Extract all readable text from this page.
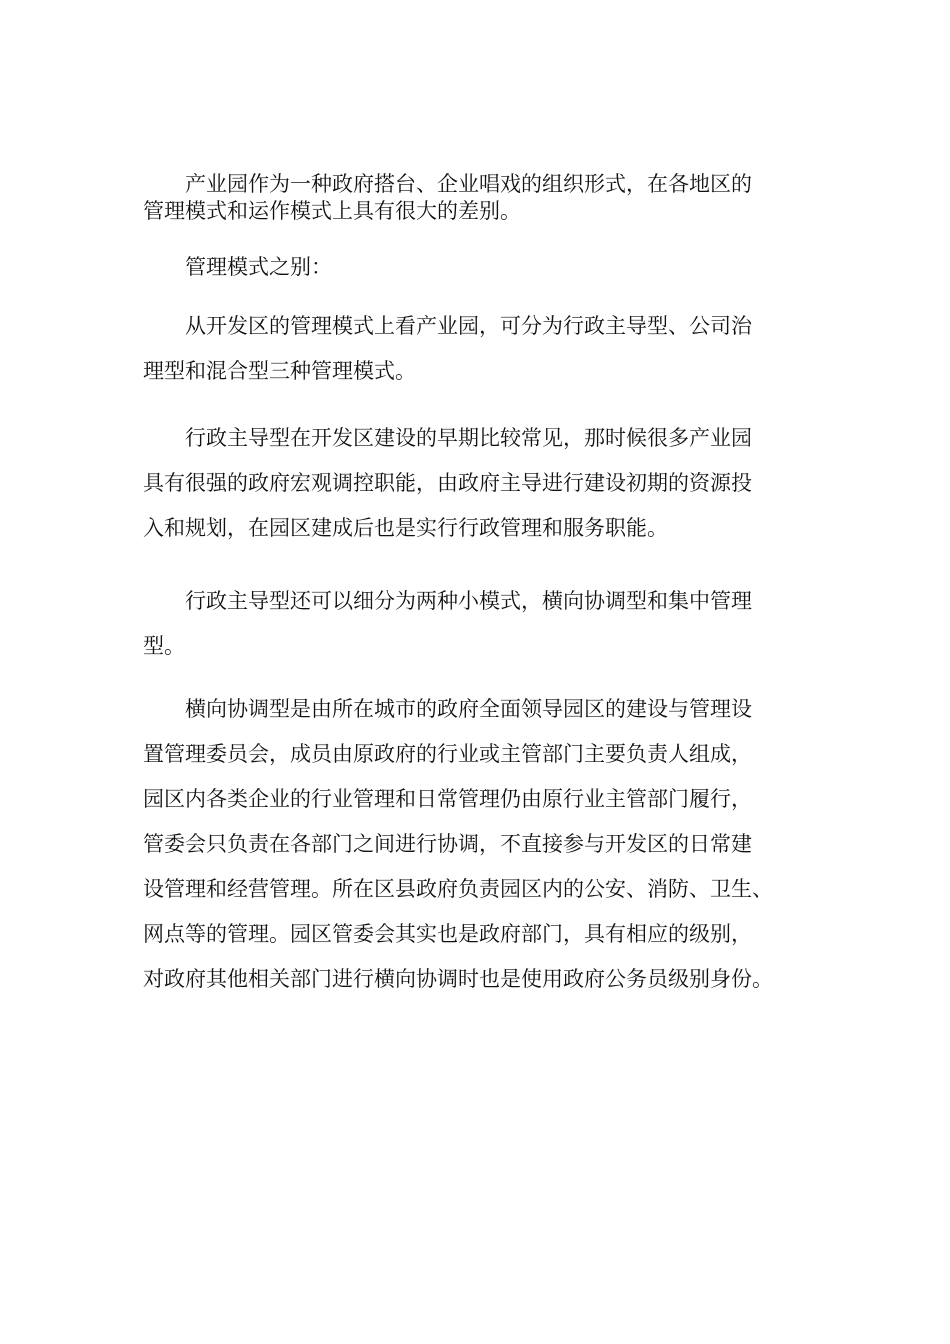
　　产业园作为一种政府搭台、企业唱戏的组织形式，在各地区的
管理模式和运作模式上具有很大的差别。

　　管理模式之别：

　　从开发区的管理模式上看产业园，可分为行政主导型、公司治
理型和混合型三种管理模式。

　　行政主导型在开发区建设的早期比较常见，那时候很多产业园
具有很强的政府宏观调控职能，由政府主导进行建设初期的资源投
入和规划，在园区建成后也是实行行政管理和服务职能。

　　行政主导型还可以细分为两种小模式，横向协调型和集中管理
型。

　　横向协调型是由所在城市的政府全面领导园区的建设与管理设
置管理委员会，成员由原政府的行业或主管部门主要负责人组成，
园区内各类企业的行业管理和日常管理仍由原行业主管部门履行，
管委会只负责在各部门之间进行协调，不直接参与开发区的日常建
设管理和经营管理。所在区县政府负责园区内的公安、消防、卫生、
网点等的管理。园区管委会其实也是政府部门，具有相应的级别，
对政府其他相关部门进行横向协调时也是使用政府公务员级别身份。
